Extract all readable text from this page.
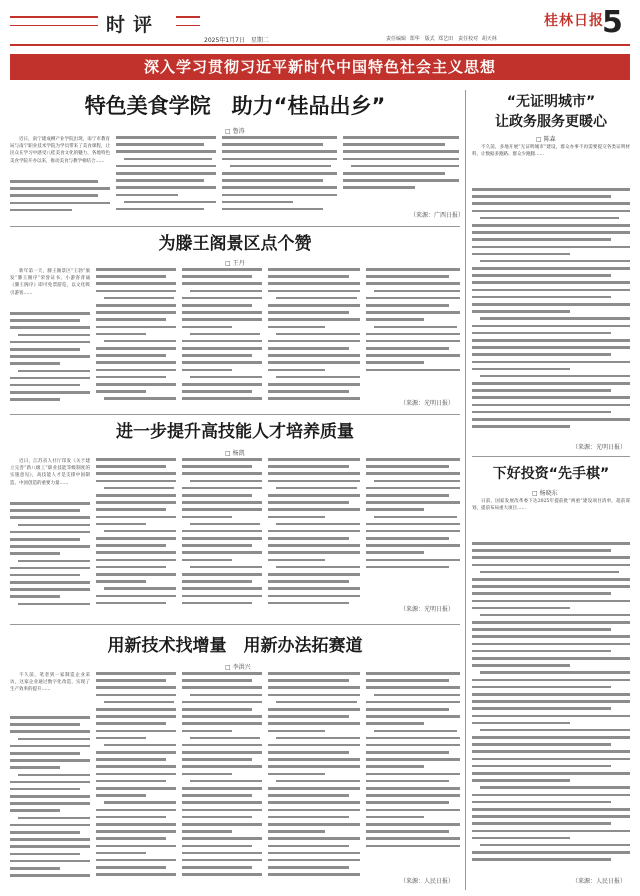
时评
2025年1月7日　星期二
桂林日报
5
责任编辑 郑华　版式 郑艺田　责任校对 胡天林
深入学习贯彻习近平新时代中国特色社会主义思想
特色美食学院　助力“桂品出乡”
□ 鲁涛
近日，南宁建成柳产业学院出现，南宁市教育局与南宁职业技术学院为学员带来了美食课程，让民众在学习中感受八桂美食文化的魅力，各地特色美食学院开办以来，推动美食与教学相结合……
（来源：广西日报）
为滕王阁景区点个赞
□ 王丹
新年第一天，滕王阁景区“王勃”颁发“滕王阁序”荣誉证书，小游客背诵《滕王阁序》即可免票游览，以文化吸引游客……
（来源：光明日报）
进一步提升高技能人才培养质量
□ 杨凯
近日，江苏省人社厅印发《关于建立完善“新八级工”职业技能等级制度的实施意见》，高技能人才是支撑中国制造、中国创造的重要力量……
（来源：光明日报）
用新技术找增量　用新办法拓赛道
□ 李洪兴
不久前，笔者到一家制造企业采访，这家企业通过数字化改造，实现了生产效率的提升……
（来源：人民日报）
“无证明城市”
让政务服务更暖心
□ 陈森
不久前，多地开展“无证明城市”建设，群众办事不再需要提交各类证明材料，让数据多跑路、群众少跑腿……
（来源：光明日报）
下好投资“先手棋”
□ 杨晓东
日前，国家发展改革委下达2025年提前批“两重”建设项目清单，超前谋划、提前布局重大项目……
（来源：人民日报）
